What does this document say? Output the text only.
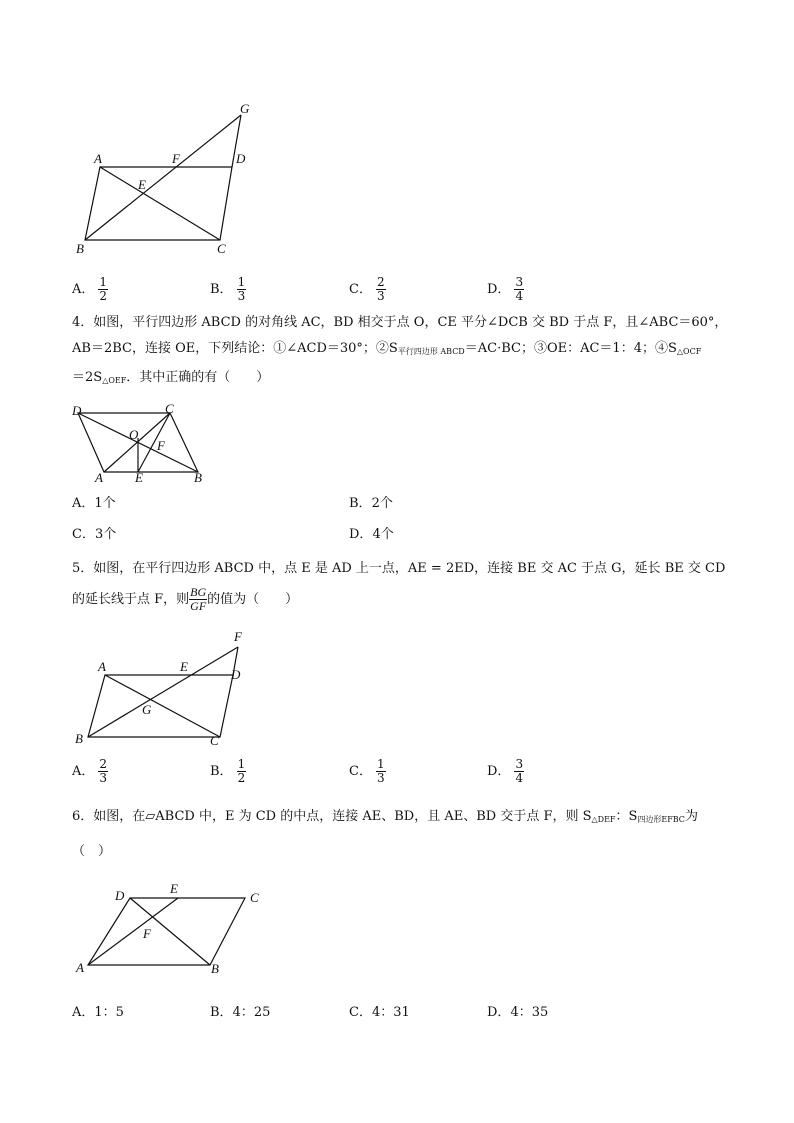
A	F	D
G
E
B	C
A． $\frac{1}{2}$	B． $\frac{1}{3}$	C． $\frac{2}{3}$	D． $\frac{3}{4}$
4．如图，平行四边形 ABCD 的对角线 AC，BD 相交于点 O，CE 平分∠DCB 交 BD 于点 F，且∠ABC＝60°，
AB＝2BC，连接 OE，下列结论：①∠ACD＝30°；$②S_{平行四边形 ABCD}=AC\cdot BC$；③OE：AC＝1：4；$④S_{\triangle OCF}$
$=2S_{\triangle OEF}$．其中正确的有（　　）
D	C
O
F
A E	B
A．1个	B．2个
C．3个	D．4个
5．如图，在平行四边形 ABCD 中，点 E 是 AD 上一点，AE = 2ED，连接 BE 交 AC 于点 G，延长 BE 交 CD
的延长线于点 F，则 $\frac{BG}{GF}$ 的值为（　　）
A	E
F
D
G
B	C
A． $\frac{2}{3}$	B． $\frac{1}{2}$	C． $\frac{1}{3}$	D． $\frac{3}{4}$
6．如图，在▱ABCD 中，E 为 CD 的中点，连接 AE、BD，且 AE、BD 交于点 F，则 $S_{\triangle DEF}$：$S_{四边形EFBC}$为
（　）
D	E
C
F
A	B
A．1：5	B．4：25	C．4：31	D．4：35
